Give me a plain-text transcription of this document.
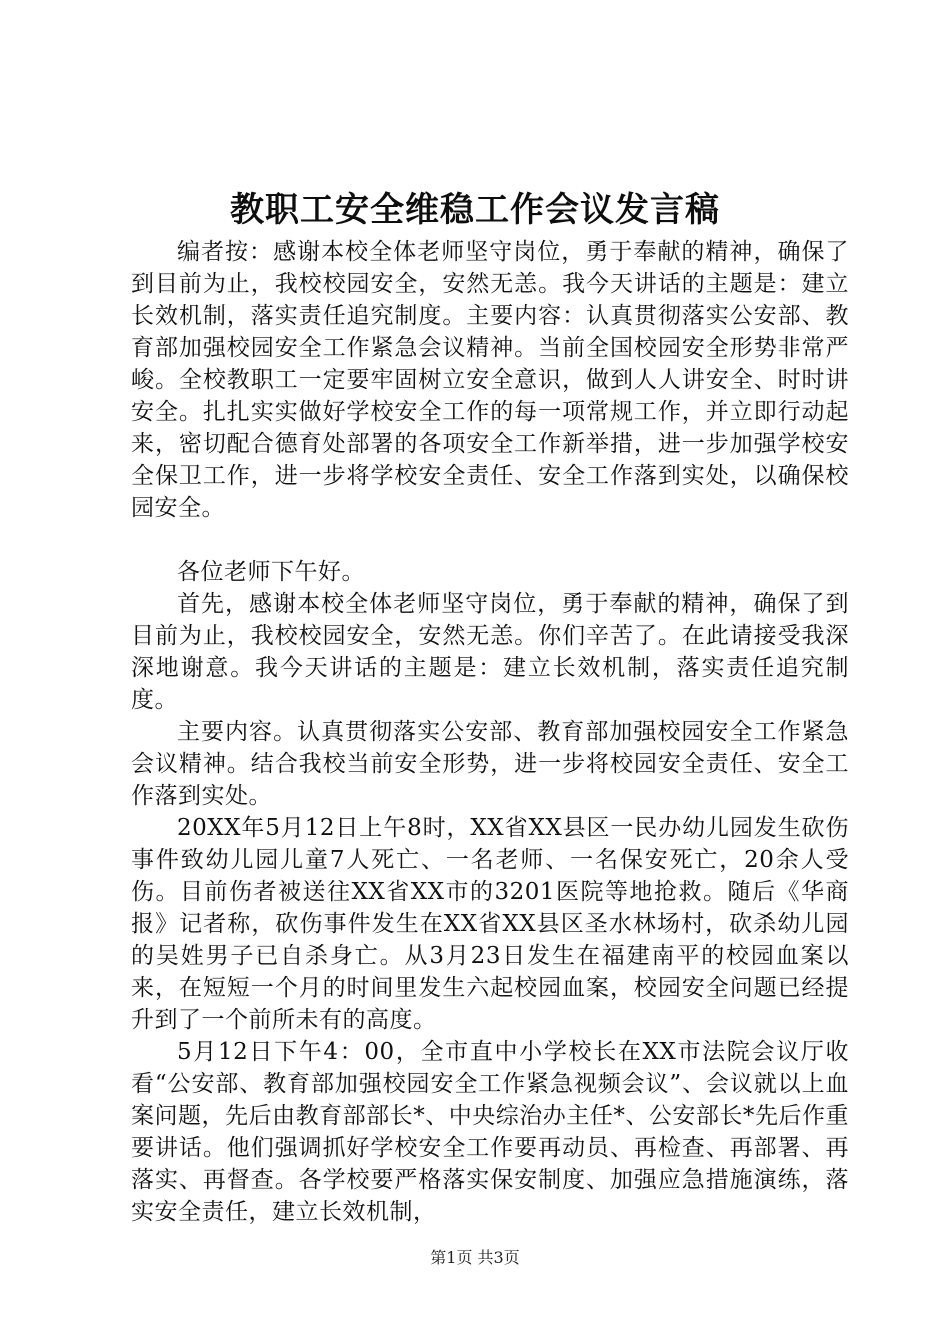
教职工安全维稳工作会议发言稿

编者按：感谢本校全体老师坚守岗位，勇于奉献的精神，确保了到目前为止，我校校园安全，安然无恙。我今天讲话的主题是：建立长效机制，落实责任追究制度。主要内容：认真贯彻落实公安部、教育部加强校园安全工作紧急会议精神。当前全国校园安全形势非常严峻。全校教职工一定要牢固树立安全意识，做到人人讲安全、时时讲安全。扎扎实实做好学校安全工作的每一项常规工作，并立即行动起来，密切配合德育处部署的各项安全工作新举措，进一步加强学校安全保卫工作，进一步将学校安全责任、安全工作落到实处，以确保校园安全。

各位老师下午好。

首先，感谢本校全体老师坚守岗位，勇于奉献的精神，确保了到目前为止，我校校园安全，安然无恙。你们辛苦了。在此请接受我深深地谢意。我今天讲话的主题是：建立长效机制，落实责任追究制度。

主要内容。认真贯彻落实公安部、教育部加强校园安全工作紧急会议精神。结合我校当前安全形势，进一步将校园安全责任、安全工作落到实处。

20XX年5月12日上午8时，XX省XX县区一民办幼儿园发生砍伤事件致幼儿园儿童7人死亡、一名老师、一名保安死亡，20余人受伤。目前伤者被送往XX省XX市的3201医院等地抢救。随后《华商报》记者称，砍伤事件发生在XX省XX县区圣水林场村，砍杀幼儿园的吴姓男子已自杀身亡。从3月23日发生在福建南平的校园血案以来，在短短一个月的时间里发生六起校园血案，校园安全问题已经提升到了一个前所未有的高度。

5月12日下午4：00，全市直中小学校长在XX市法院会议厅收看“公安部、教育部加强校园安全工作紧急视频会议”、会议就以上血案问题，先后由教育部部长*、中央综治办主任*、公安部长*先后作重要讲话。他们强调抓好学校安全工作要再动员、再检查、再部署、再落实、再督查。各学校要严格落实保安制度、加强应急措施演练，落实安全责任，建立长效机制，

第1页 共3页
